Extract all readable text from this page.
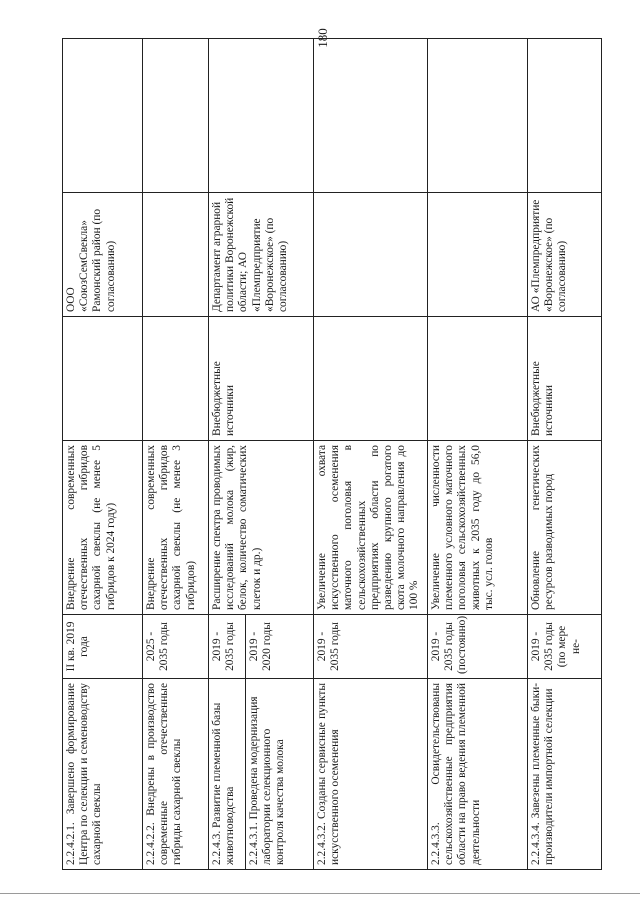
180
2.2.4.2.1. Завершено формирование Центра по селекции и семеноводству сахарной свеклы
II кв. 2019 года
Внедрение современных отечественных гибридов сахарной свеклы (не менее 5 гибридов к 2024 году)
ООО «СоюзСемСвекла» Рамонский район (по согласованию)
2.2.4.2.2. Внедрены в производство современные отечественные гибриды сахарной свеклы
2025 - 2035 годы
Внедрение современных отечественных гибридов сахарной свеклы (не менее 3 гибридов)
2.2.4.3. Развитие племенной базы животноводства	2.2.4.3.1. Проведена модернизация лаборатории селекционного контроля качества молока
2019 - 2035 годы	2019 - 2020 годы
Расширение спектра проводимых исследований молока (жир, белок, количество соматических клеток и др.)
Внебюджетные источники
Департамент аграрной политики Воронежской области; АО «Племпредприятие «Воронежское» (по согласованию)
2.2.4.3.2. Созданы сервисные пункты искусственного осеменения
2019 - 2035 годы
Увеличение охвата искусственного осеменения маточного поголовья в сельскохозяйственных предприятиях области по разведению крупного рогатого скота молочного направления до 100 %
2.2.4.3.3. Освидетельствованы сельскохозяйственные предприятия области на право ведения племенной деятельности
2019 - 2035 годы (постоянно)
Увеличение численности племенного условного маточного поголовья сельскохозяйственных животных к 2035 году до 56,0 тыс. усл. голов
2.2.4.3.4. Завезены племенные быки-производители импортной селекции
2019 - 2035 годы (по мере не-
Обновление генетических ресурсов разводимых пород
Внебюджетные источники
АО «Племпредприятие «Воронежское» (по согласованию)
